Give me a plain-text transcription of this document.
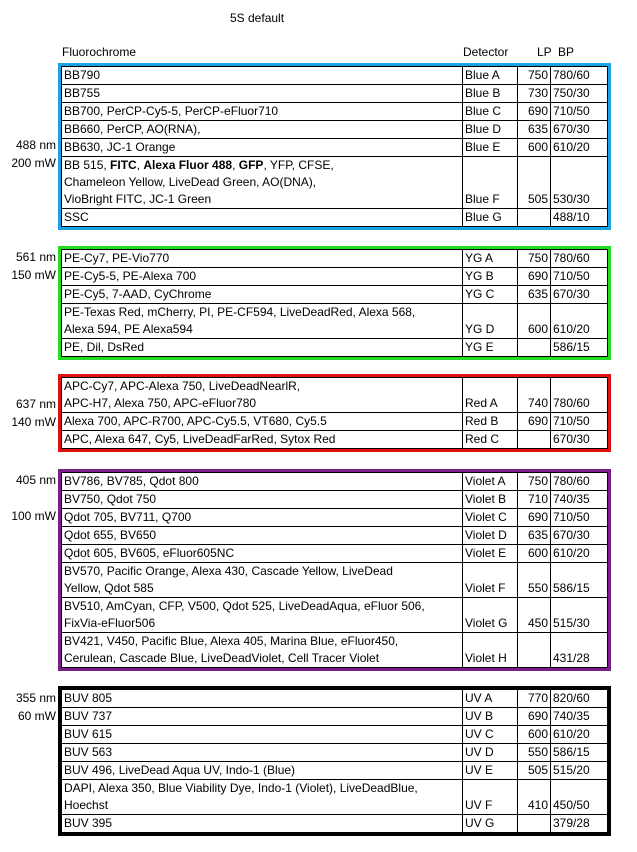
5S default
Fluorochrome	Detector LP BP
488 nm
200 mW
BB790	Blue A	750	780/60
BB755	Blue B	730	750/30
BB700, PerCP-Cy5-5, PerCP-eFluor710	Blue C	690	710/50
BB660, PerCP, AO(RNA),	Blue D	635	670/30
BB630, JC-1 Orange	Blue E	600	610/20
BB 515, FITC, Alexa Fluor 488, GFP, YFP, CFSE,
Chameleon Yellow, LiveDead Green, AO(DNA),
VioBright FITC, JC-1 Green	Blue F	505	530/30
SSC	Blue G		488/10
561 nm
150 mW
PE-Cy7, PE-Vio770	YG A	750	780/60
PE-Cy5-5, PE-Alexa 700	YG B	690	710/50
PE-Cy5, 7-AAD, CyChrome	YG C	635	670/30
PE-Texas Red, mCherry, PI, PE-CF594, LiveDeadRed, Alexa 568,
Alexa 594, PE Alexa594	YG D	600	610/20
PE, Dil, DsRed	YG E		586/15
637 nm
140 mW
APC-Cy7, APC-Alexa 750, LiveDeadNearlR,
APC-H7, Alexa 750, APC-eFluor780	Red A	740	780/60
Alexa 700, APC-R700, APC-Cy5.5, VT680, Cy5.5	Red B	690	710/50
APC, Alexa 647, Cy5, LiveDeadFarRed, Sytox Red	Red C		670/30
405 nm
100 mW
BV786, BV785, Qdot 800	Violet A	750	780/60
BV750, Qdot 750	Violet B	710	740/35
Qdot 705, BV711, Q700	Violet C	690	710/50
Qdot 655, BV650	Violet D	635	670/30
Qdot 605, BV605, eFluor605NC	Violet E	600	610/20
BV570, Pacific Orange, Alexa 430, Cascade Yellow, LiveDead
Yellow, Qdot 585	Violet F	550	586/15
BV510, AmCyan, CFP, V500, Qdot 525, LiveDeadAqua, eFluor 506,
FixVia-eFluor506	Violet G	450	515/30
BV421, V450, Pacific Blue, Alexa 405, Marina Blue, eFluor450,
Cerulean, Cascade Blue, LiveDeadViolet, Cell Tracer Violet	Violet H		431/28
355 nm
60 mW
BUV 805	UV A	770	820/60
BUV 737	UV B	690	740/35
BUV 615	UV C	600	610/20
BUV 563	UV D	550	586/15
BUV 496, LiveDead Aqua UV, Indo-1 (Blue)	UV E	505	515/20
DAPI, Alexa 350, Blue Viability Dye, Indo-1 (Violet), LiveDeadBlue,
Hoechst	UV F	410	450/50
BUV 395	UV G		379/28
